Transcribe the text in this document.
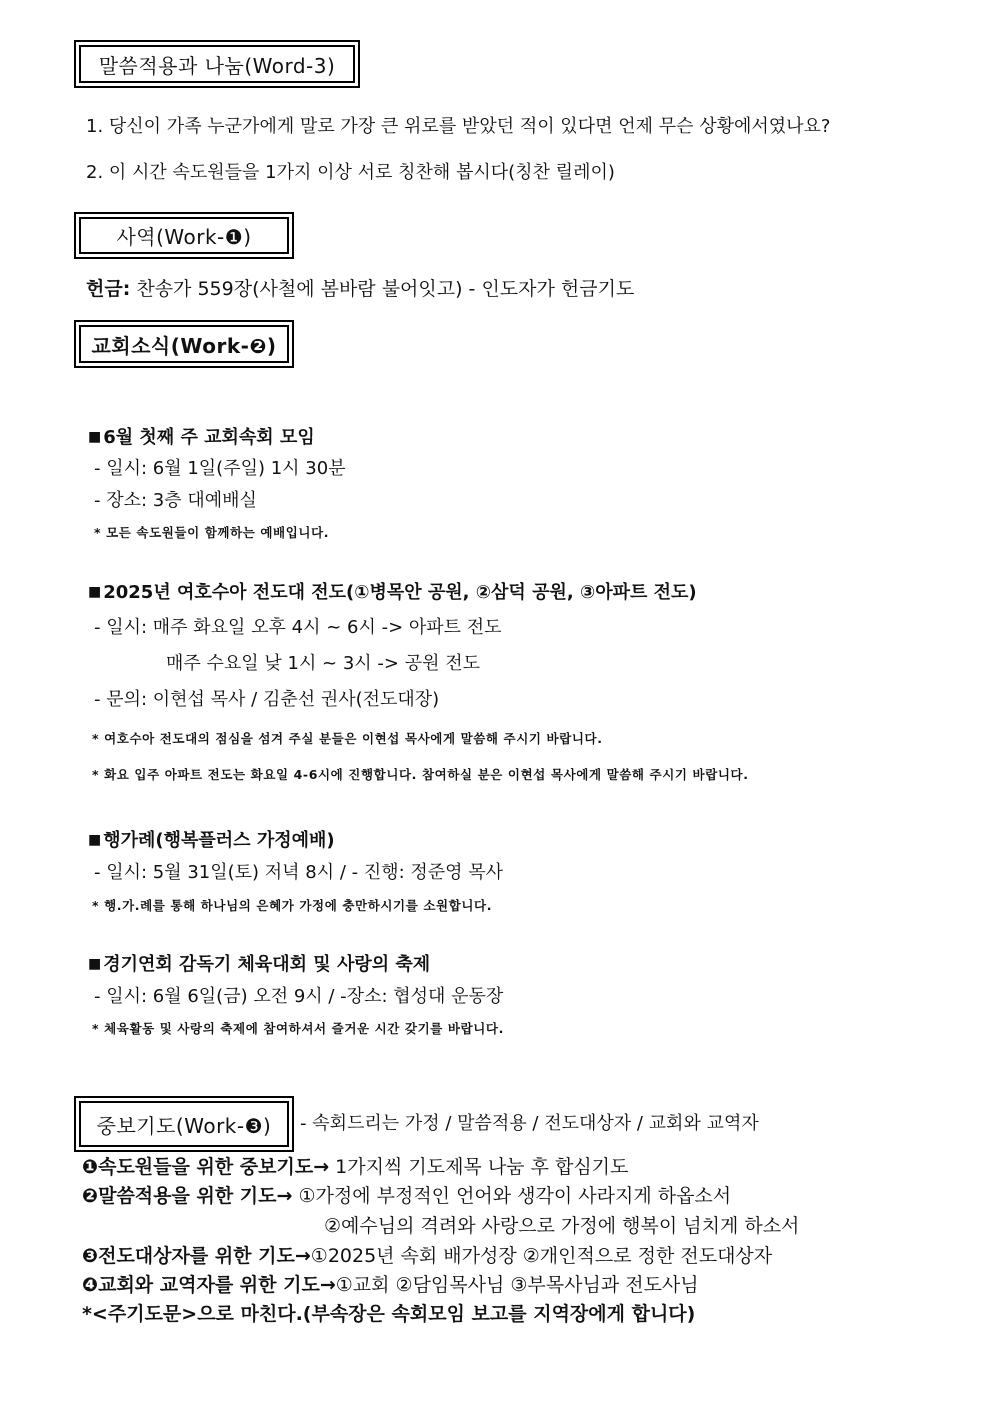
말씀적용과 나눔(Word-3)
1. 당신이 가족 누군가에게 말로 가장 큰 위로를 받았던 적이 있다면 언제 무슨 상황에서였나요?
2. 이 시간 속도원들을 1가지 이상 서로 칭찬해 봅시다(칭찬 릴레이)
사역(Work-❶)
헌금: 찬송가 559장(사철에 봄바람 불어잇고) - 인도자가 헌금기도
교회소식(Work-❷)
■ 6월 첫째 주 교회속회 모임
- 일시: 6월 1일(주일) 1시 30분
- 장소: 3층 대예배실
* 모든 속도원들이 함께하는 예배입니다.
■ 2025년 여호수아 전도대 전도(①병목안 공원, ②삼덕 공원, ③아파트 전도)
- 일시: 매주 화요일 오후 4시 ~ 6시 -> 아파트 전도
매주 수요일 낮 1시 ~ 3시 -> 공원 전도
- 문의: 이현섭 목사 / 김춘선 권사(전도대장)
* 여호수아 전도대의 점심을 섬겨 주실 분들은 이현섭 목사에게 말씀해 주시기 바랍니다.
* 화요 입주 아파트 전도는 화요일 4-6시에 진행합니다. 참여하실 분은 이현섭 목사에게 말씀해 주시기 바랍니다.
■ 행가례(행복플러스 가정예배)
- 일시: 5월 31일(토) 저녁 8시 / - 진행: 정준영 목사
* 행.가.례를 통해 하나님의 은혜가 가정에 충만하시기를 소원합니다.
■ 경기연회 감독기 체육대회 및 사랑의 축제
- 일시: 6월 6일(금) 오전 9시 / -장소: 협성대 운동장
* 체육활동 및 사랑의 축제에 참여하셔서 즐거운 시간 갖기를 바랍니다.
중보기도(Work-❸)	- 속회드리는 가정 / 말씀적용 / 전도대상자 / 교회와 교역자
❶속도원들을 위한 중보기도→ 1가지씩 기도제목 나눔 후 합심기도
❷말씀적용을 위한 기도→ ①가정에 부정적인 언어와 생각이 사라지게 하옵소서
②예수님의 격려와 사랑으로 가정에 행복이 넘치게 하소서
❸전도대상자를 위한 기도→①2025년 속회 배가성장 ②개인적으로 정한 전도대상자
❹교회와 교역자를 위한 기도→①교회 ②담임목사님 ③부목사님과 전도사님
*<주기도문>으로 마친다.(부속장은 속회모임 보고를 지역장에게 합니다)
